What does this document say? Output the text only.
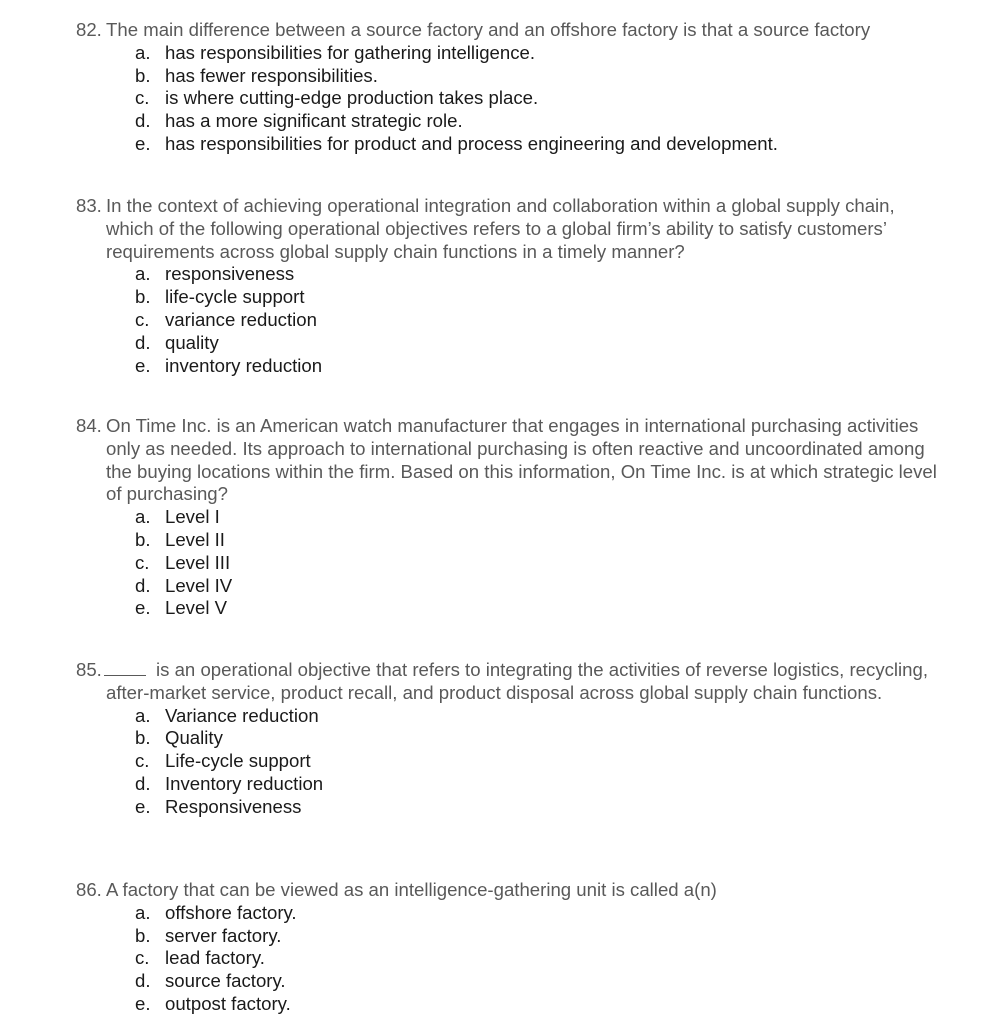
82. The main difference between a source factory and an offshore factory is that a source factory
a. has responsibilities for gathering intelligence.
b. has fewer responsibilities.
c. is where cutting-edge production takes place.
d. has a more significant strategic role.
e. has responsibilities for product and process engineering and development.
83. In the context of achieving operational integration and collaboration within a global supply chain, which of the following operational objectives refers to a global firm’s ability to satisfy customers’ requirements across global supply chain functions in a timely manner?
a. responsiveness
b. life-cycle support
c. variance reduction
d. quality
e. inventory reduction
84. On Time Inc. is an American watch manufacturer that engages in international purchasing activities only as needed. Its approach to international purchasing is often reactive and uncoordinated among the buying locations within the firm. Based on this information, On Time Inc. is at which strategic level of purchasing?
a. Level I
b. Level II
c. Level III
d. Level IV
e. Level V
85.	is an operational objective that refers to integrating the activities of reverse logistics, recycling, after-market service, product recall, and product disposal across global supply chain functions.
a. Variance reduction
b. Quality
c. Life-cycle support
d. Inventory reduction
e. Responsiveness
86. A factory that can be viewed as an intelligence-gathering unit is called a(n)
a. offshore factory.
b. server factory.
c. lead factory.
d. source factory.
e. outpost factory.
